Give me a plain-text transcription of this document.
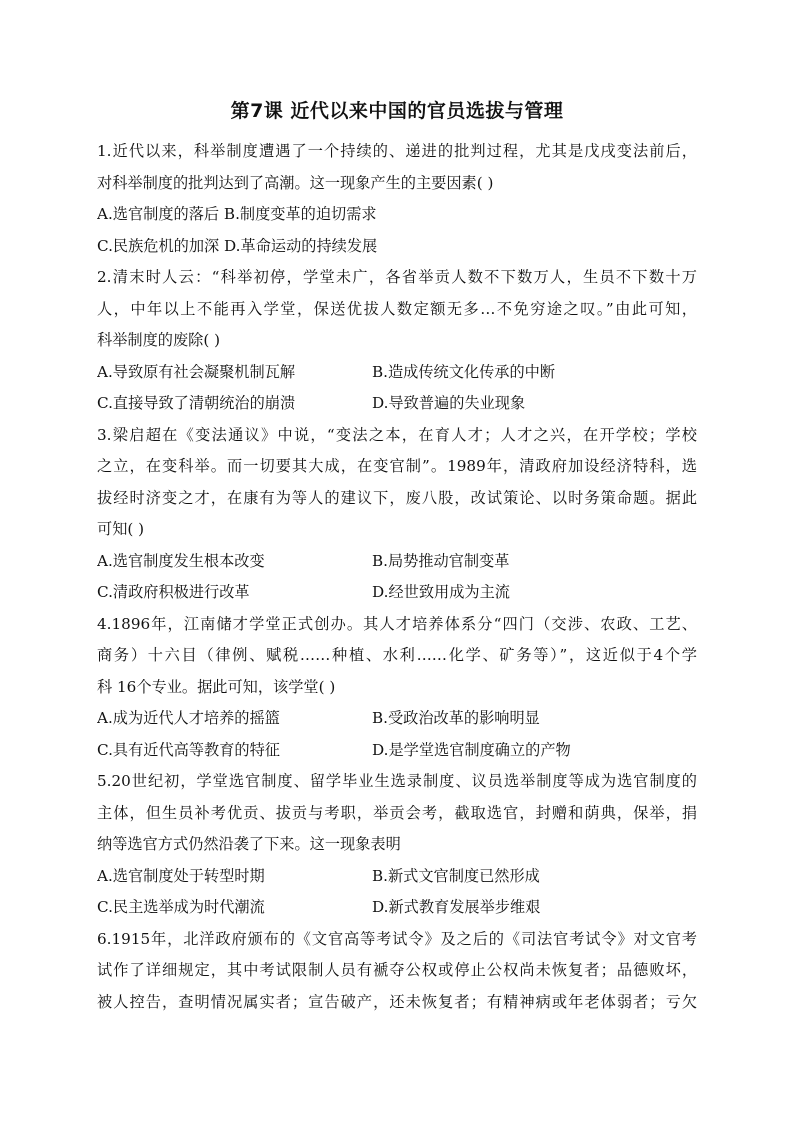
第7课 近代以来中国的官员选拔与管理
1.近代以来，科举制度遭遇了一个持续的、递进的批判过程，尤其是戊戌变法前后，
对科举制度的批判达到了高潮。这一现象产生的主要因素( )
A.选官制度的落后 B.制度变革的迫切需求
C.民族危机的加深 D.革命运动的持续发展
2.清末时人云：“科举初停，学堂未广，各省举贡人数不下数万人，生员不下数十万
人，中年以上不能再入学堂，保送优拔人数定额无多…不免穷途之叹。”由此可知，
科举制度的废除( )
A.导致原有社会凝聚机制瓦解	B.造成传统文化传承的中断
C.直接导致了清朝统治的崩溃	D.导致普遍的失业现象
3.梁启超在《变法通议》中说，“变法之本，在育人才；人才之兴，在开学校；学校
之立，在变科举。而一切要其大成，在变官制”。1989年，清政府加设经济特科，选
拔经时济变之才，在康有为等人的建议下，废八股，改试策论、以时务策命题。据此
可知( )
A.选官制度发生根本改变	B.局势推动官制变革
C.清政府积极进行改革	D.经世致用成为主流
4.1896年，江南储才学堂正式创办。其人才培养体系分“四门（交涉、农政、工艺、
商务）十六目（律例、赋税……种植、水利……化学、矿务等）”，这近似于4个学
科 16个专业。据此可知，该学堂( )
A.成为近代人才培养的摇篮	B.受政治改革的影响明显
C.具有近代高等教育的特征	D.是学堂选官制度确立的产物
5.20世纪初，学堂选官制度、留学毕业生选录制度、议员选举制度等成为选官制度的
主体，但生员补考优贡、拔贡与考职，举贡会考，截取选官，封赠和荫典，保举，捐
纳等选官方式仍然沿袭了下来。这一现象表明
A.选官制度处于转型时期	B.新式文官制度已然形成
C.民主选举成为时代潮流	D.新式教育发展举步维艰
6.1915年，北洋政府颁布的《文官高等考试令》及之后的《司法官考试令》对文官考
试作了详细规定，其中考试限制人员有褫夺公权或停止公权尚未恢复者；品德败坏，
被人控告，查明情况属实者；宣告破产，还未恢复者；有精神病或年老体弱者；亏欠
